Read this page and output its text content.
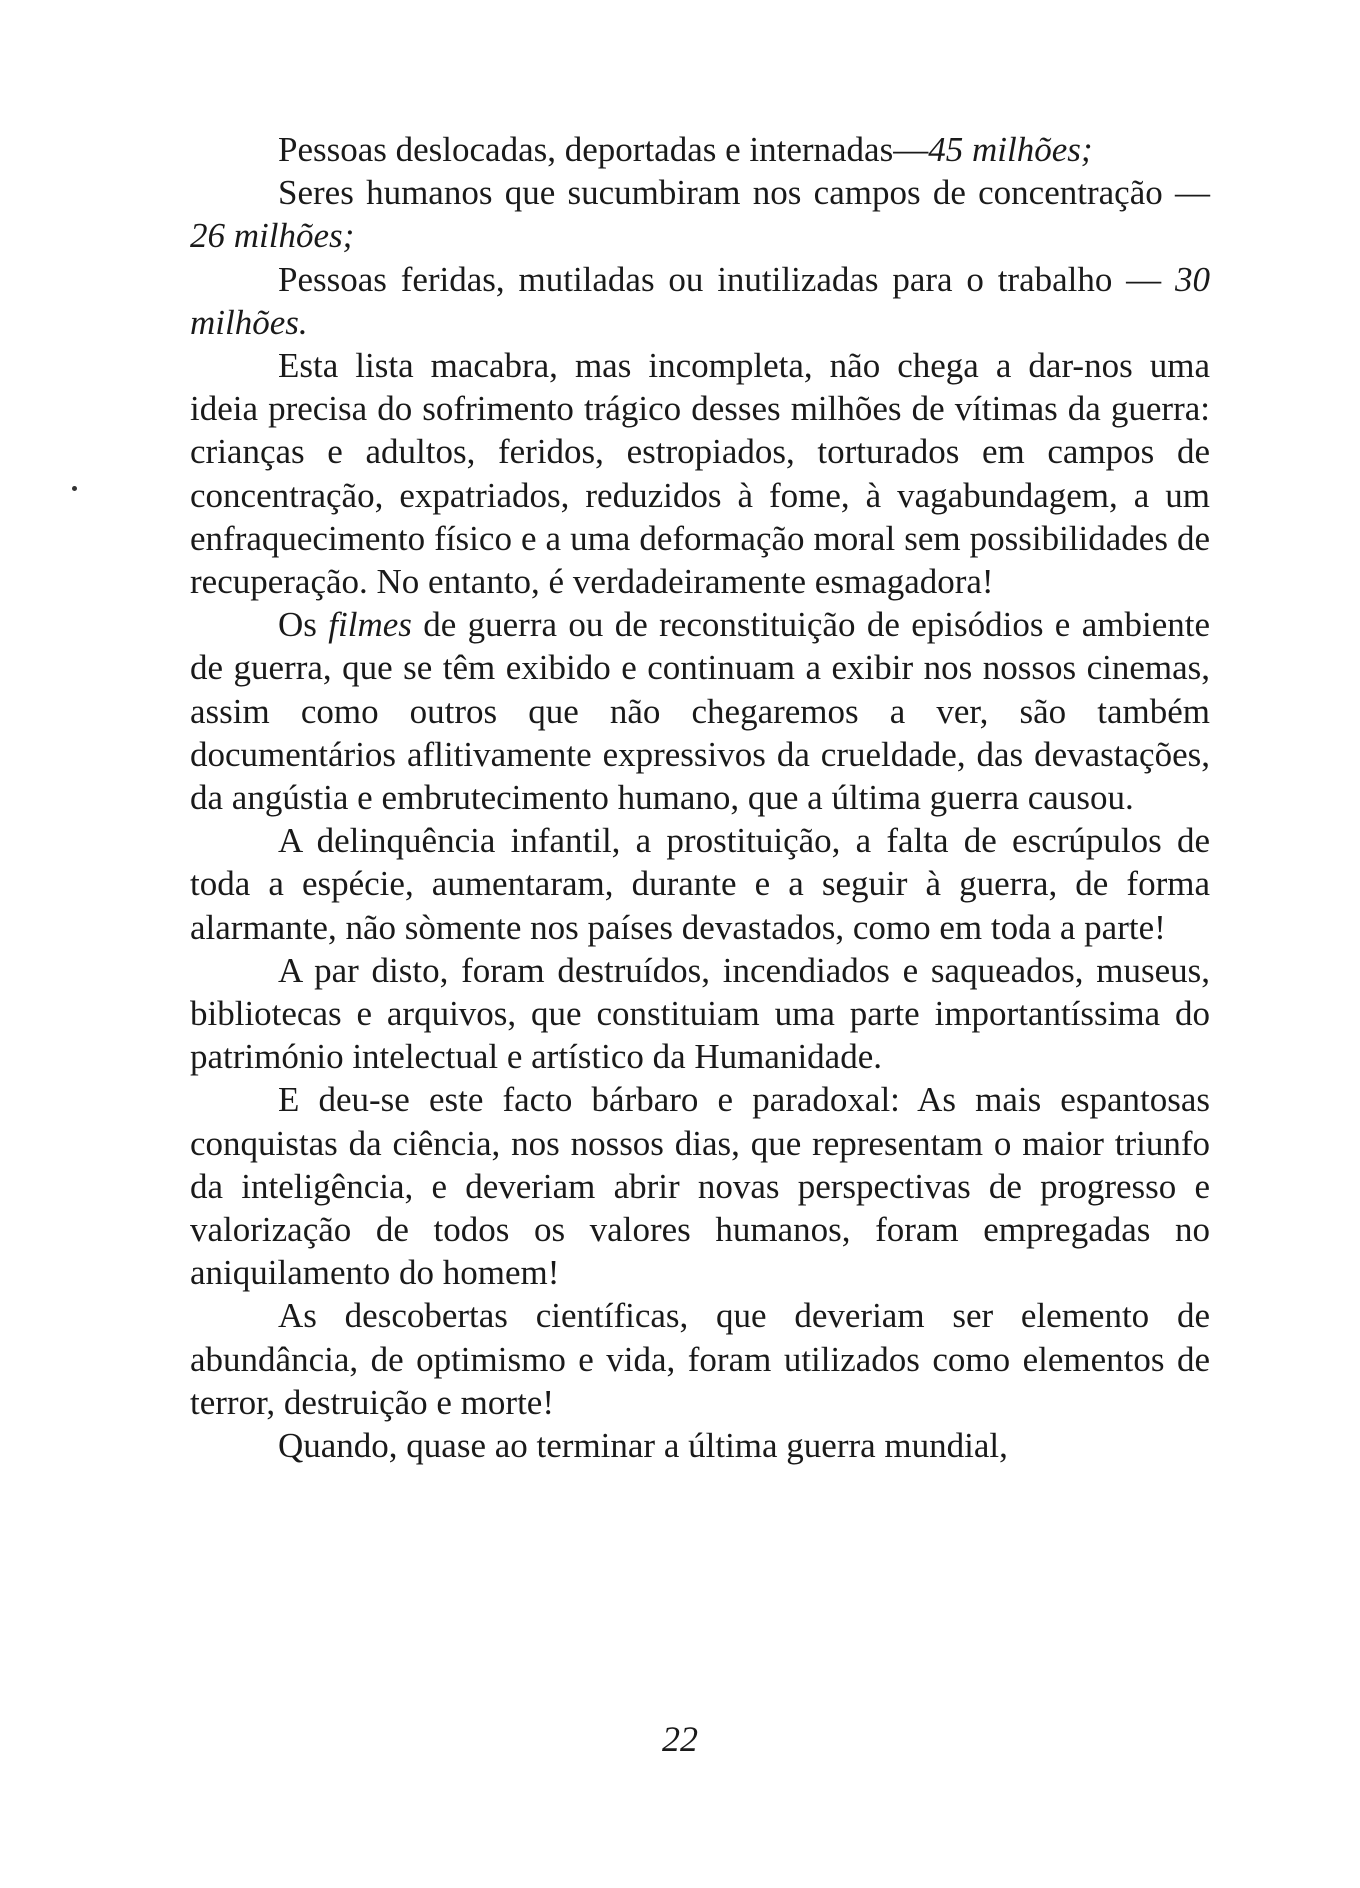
Pessoas deslocadas, deportadas e internadas—45 milhões;

Seres humanos que sucumbiram nos campos de concentração — 26 milhões;

Pessoas feridas, mutiladas ou inutilizadas para o trabalho — 30 milhões.

Esta lista macabra, mas incompleta, não chega a dar-nos uma ideia precisa do sofrimento trágico desses milhões de vítimas da guerra: crianças e adultos, feridos, estropiados, torturados em campos de concentração, expatriados, reduzidos à fome, à vagabundagem, a um enfraquecimento físico e a uma deformação moral sem possibilidades de recuperação. No entanto, é verdadeiramente esmagadora!

Os filmes de guerra ou de reconstituição de episódios e ambiente de guerra, que se têm exibido e continuam a exibir nos nossos cinemas, assim como outros que não chegaremos a ver, são também documentários aflitivamente expressivos da crueldade, das devastações, da angústia e embrutecimento humano, que a última guerra causou.

A delinquência infantil, a prostituição, a falta de escrúpulos de toda a espécie, aumentaram, durante e a seguir à guerra, de forma alarmante, não sòmente nos países devastados, como em toda a parte!

A par disto, foram destruídos, incendiados e saqueados, museus, bibliotecas e arquivos, que constituiam uma parte importantíssima do património intelectual e artístico da Humanidade.

E deu-se este facto bárbaro e paradoxal: As mais espantosas conquistas da ciência, nos nossos dias, que representam o maior triunfo da inteligência, e deveriam abrir novas perspectivas de progresso e valorização de todos os valores humanos, foram empregadas no aniquilamento do homem!

As descobertas científicas, que deveriam ser elemento de abundância, de optimismo e vida, foram utilizados como elementos de terror, destruição e morte!

Quando, quase ao terminar a última guerra mundial,

22
